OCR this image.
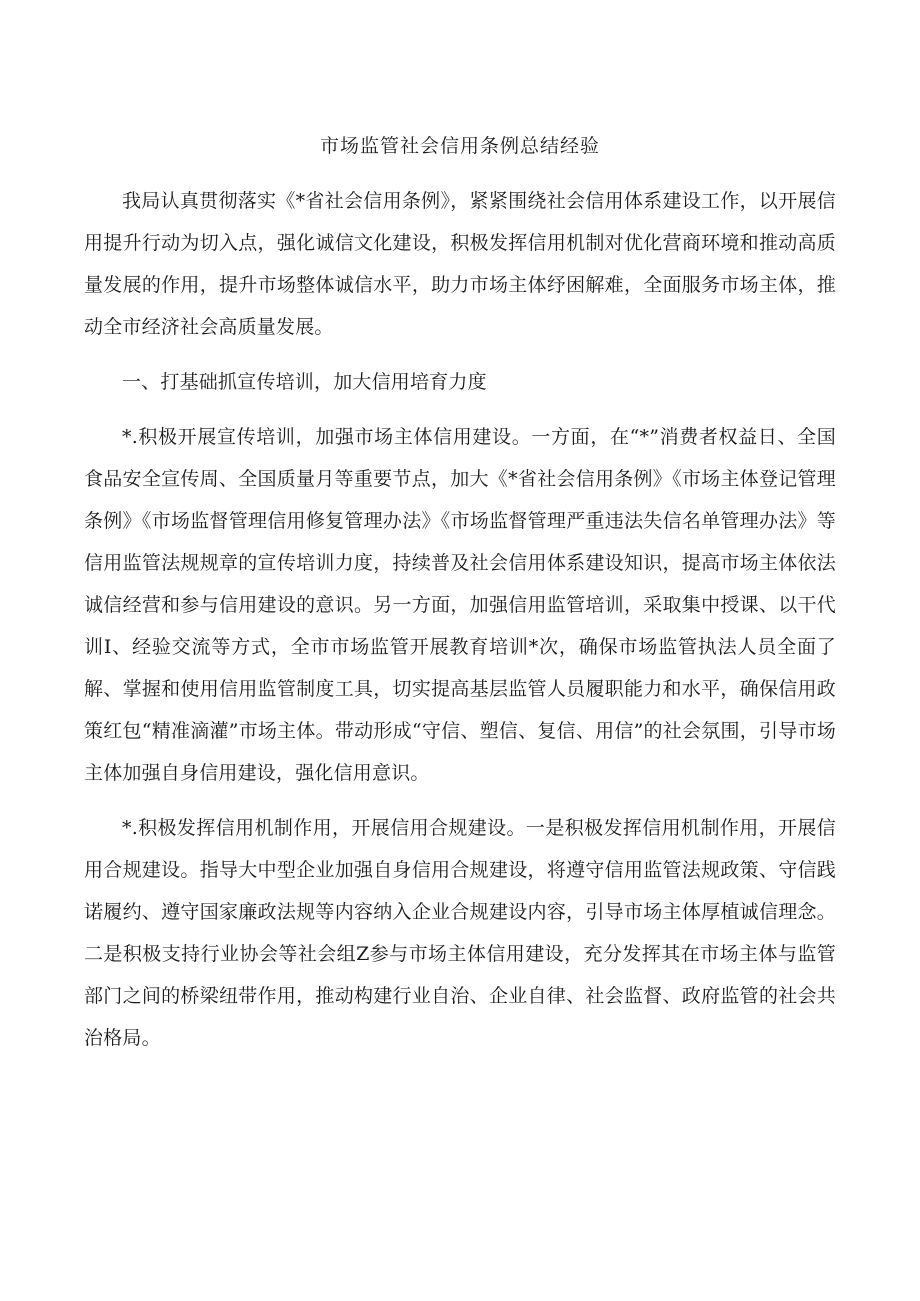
市场监管社会信用条例总结经验

我局认真贯彻落实《*省社会信用条例》，紧紧围绕社会信用体系建设工作，以开展信用提升行动为切入点，强化诚信文化建设，积极发挥信用机制对优化营商环境和推动高质量发展的作用，提升市场整体诚信水平，助力市场主体纾困解难，全面服务市场主体，推动全市经济社会高质量发展。

一、打基础抓宣传培训，加大信用培育力度

*.积极开展宣传培训，加强市场主体信用建设。一方面，在“*”消费者权益日、全国食品安全宣传周、全国质量月等重要节点，加大《*省社会信用条例》《市场主体登记管理条例》《市场监督管理信用修复管理办法》《市场监督管理严重违法失信名单管理办法》等信用监管法规规章的宣传培训力度，持续普及社会信用体系建设知识，提高市场主体依法诚信经营和参与信用建设的意识。另一方面，加强信用监管培训，采取集中授课、以干代训I、经验交流等方式，全市市场监管开展教育培训*次，确保市场监管执法人员全面了解、掌握和使用信用监管制度工具，切实提高基层监管人员履职能力和水平，确保信用政策红包“精准滴灌”市场主体。带动形成“守信、塑信、复信、用信”的社会氛围，引导市场主体加强自身信用建设，强化信用意识。

*.积极发挥信用机制作用，开展信用合规建设。一是积极发挥信用机制作用，开展信用合规建设。指导大中型企业加强自身信用合规建设，将遵守信用监管法规政策、守信践诺履约、遵守国家廉政法规等内容纳入企业合规建设内容，引导市场主体厚植诚信理念。二是积极支持行业协会等社会组Z参与市场主体信用建设，充分发挥其在市场主体与监管部门之间的桥梁纽带作用，推动构建行业自治、企业自律、社会监督、政府监管的社会共治格局。
